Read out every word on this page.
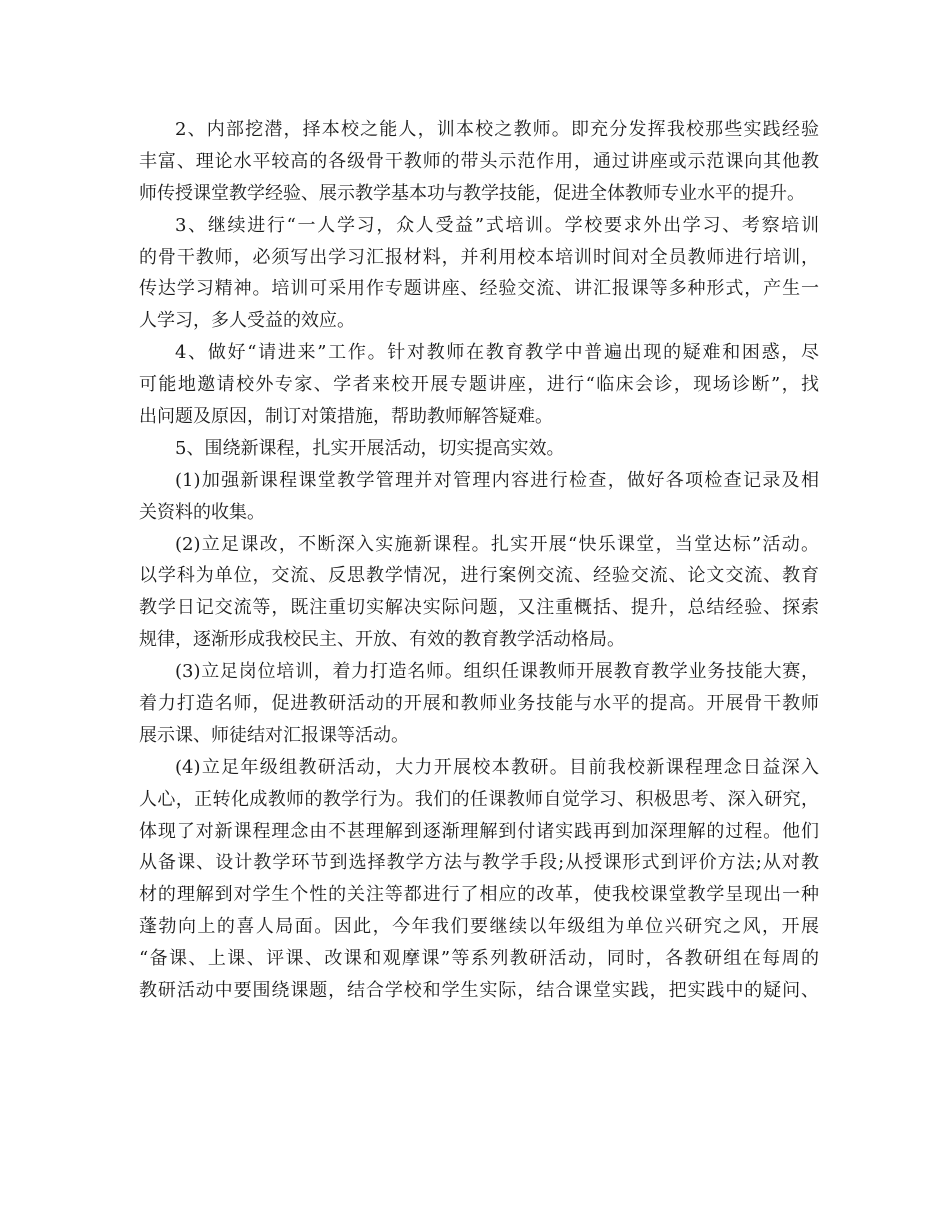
2、内部挖潜，择本校之能人，训本校之教师。即充分发挥我校那些实践经验
丰富、理论水平较高的各级骨干教师的带头示范作用，通过讲座或示范课向其他教
师传授课堂教学经验、展示教学基本功与教学技能，促进全体教师专业水平的提升。
3、继续进行“一人学习，众人受益”式培训。学校要求外出学习、考察培训
的骨干教师，必须写出学习汇报材料，并利用校本培训时间对全员教师进行培训，
传达学习精神。培训可采用作专题讲座、经验交流、讲汇报课等多种形式，产生一
人学习，多人受益的效应。
4、做好“请进来”工作。针对教师在教育教学中普遍出现的疑难和困惑，尽
可能地邀请校外专家、学者来校开展专题讲座，进行“临床会诊，现场诊断”，找
出问题及原因，制订对策措施，帮助教师解答疑难。
5、围绕新课程，扎实开展活动，切实提高实效。
(1)加强新课程课堂教学管理并对管理内容进行检查，做好各项检查记录及相
关资料的收集。
(2)立足课改，不断深入实施新课程。扎实开展“快乐课堂，当堂达标”活动。
以学科为单位，交流、反思教学情况，进行案例交流、经验交流、论文交流、教育
教学日记交流等，既注重切实解决实际问题，又注重概括、提升，总结经验、探索
规律，逐渐形成我校民主、开放、有效的教育教学活动格局。
(3)立足岗位培训，着力打造名师。组织任课教师开展教育教学业务技能大赛，
着力打造名师，促进教研活动的开展和教师业务技能与水平的提高。开展骨干教师
展示课、师徒结对汇报课等活动。
(4)立足年级组教研活动，大力开展校本教研。目前我校新课程理念日益深入
人心，正转化成教师的教学行为。我们的任课教师自觉学习、积极思考、深入研究，
体现了对新课程理念由不甚理解到逐渐理解到付诸实践再到加深理解的过程。他们
从备课、设计教学环节到选择教学方法与教学手段;从授课形式到评价方法;从对教
材的理解到对学生个性的关注等都进行了相应的改革，使我校课堂教学呈现出一种
蓬勃向上的喜人局面。因此，今年我们要继续以年级组为单位兴研究之风，开展
“备课、上课、评课、改课和观摩课”等系列教研活动，同时，各教研组在每周的
教研活动中要围绕课题，结合学校和学生实际，结合课堂实践，把实践中的疑问、
